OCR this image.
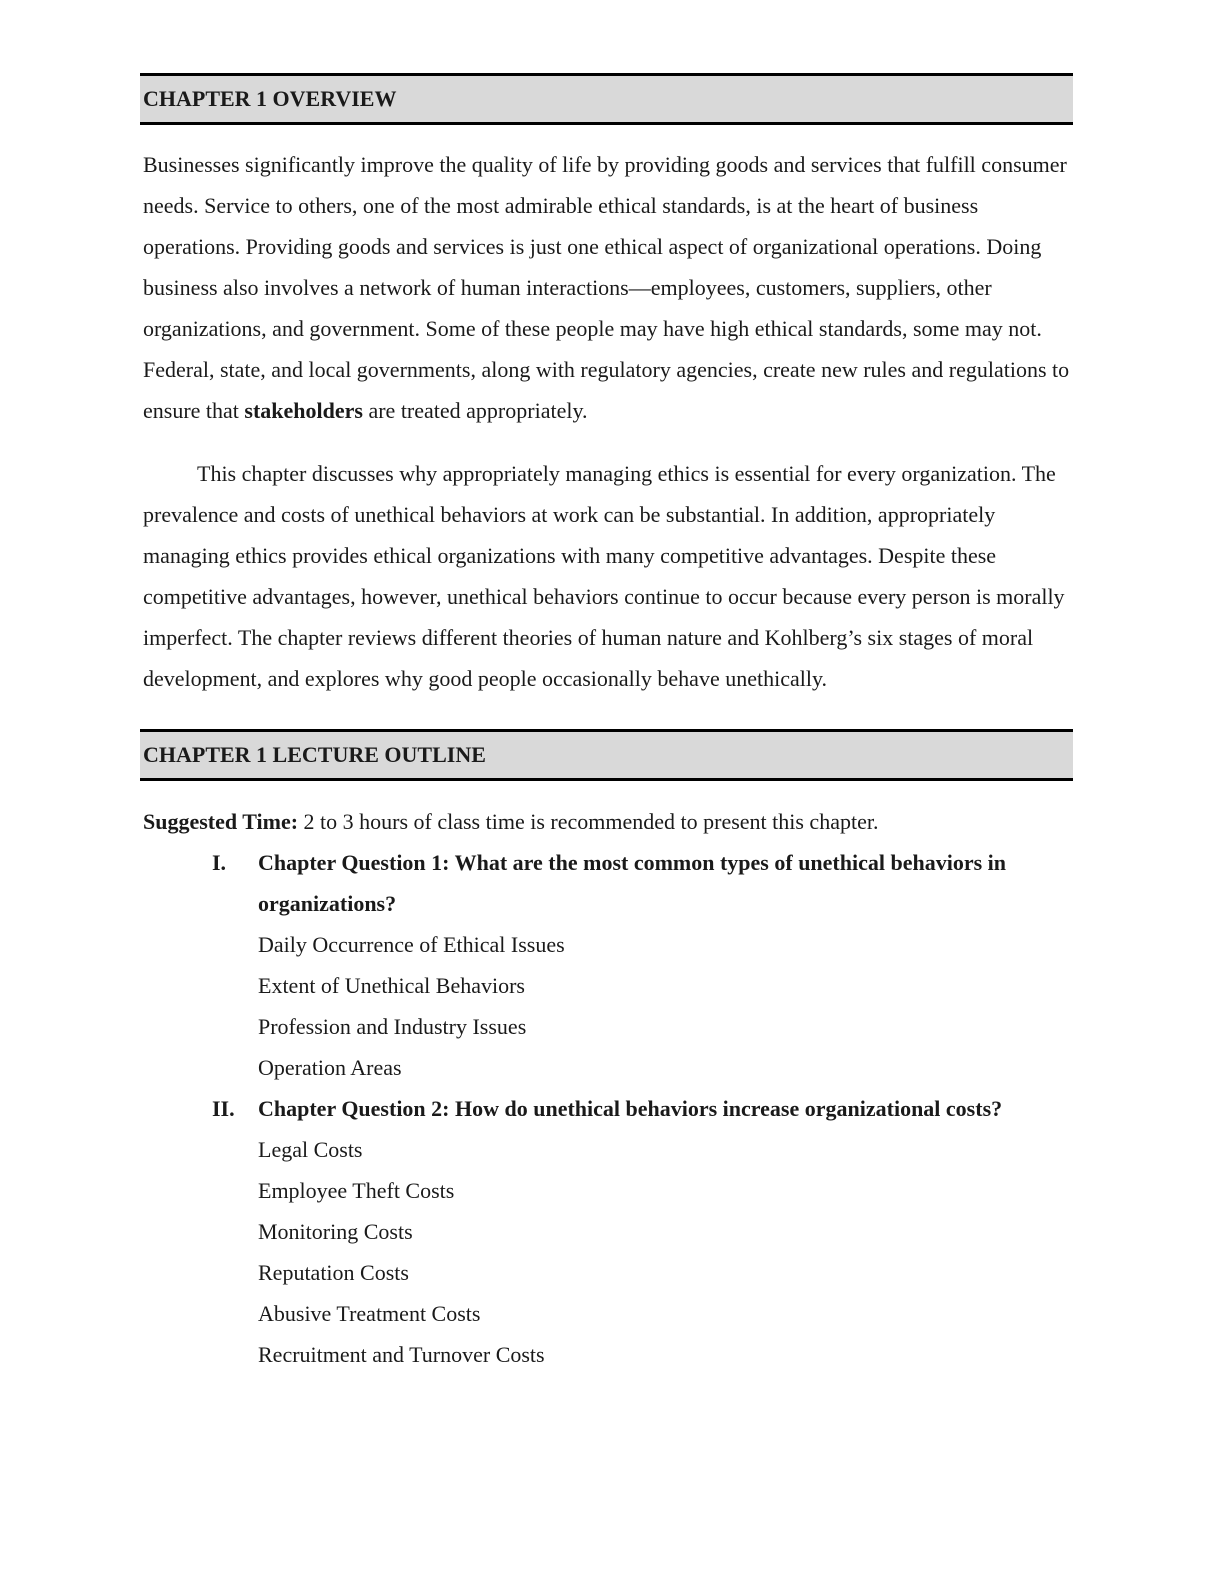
CHAPTER 1 OVERVIEW

Businesses significantly improve the quality of life by providing goods and services that fulfill consumer needs. Service to others, one of the most admirable ethical standards, is at the heart of business operations. Providing goods and services is just one ethical aspect of organizational operations. Doing business also involves a network of human interactions—employees, customers, suppliers, other organizations, and government. Some of these people may have high ethical standards, some may not. Federal, state, and local governments, along with regulatory agencies, create new rules and regulations to ensure that stakeholders are treated appropriately.

This chapter discusses why appropriately managing ethics is essential for every organization. The prevalence and costs of unethical behaviors at work can be substantial. In addition, appropriately managing ethics provides ethical organizations with many competitive advantages. Despite these competitive advantages, however, unethical behaviors continue to occur because every person is morally imperfect. The chapter reviews different theories of human nature and Kohlberg’s six stages of moral development, and explores why good people occasionally behave unethically.

CHAPTER 1 LECTURE OUTLINE
Suggested Time: 2 to 3 hours of class time is recommended to present this chapter.
I. Chapter Question 1: What are the most common types of unethical behaviors in organizations?
Daily Occurrence of Ethical Issues
Extent of Unethical Behaviors
Profession and Industry Issues
Operation Areas
II. Chapter Question 2: How do unethical behaviors increase organizational costs?
Legal Costs
Employee Theft Costs
Monitoring Costs
Reputation Costs
Abusive Treatment Costs
Recruitment and Turnover Costs
